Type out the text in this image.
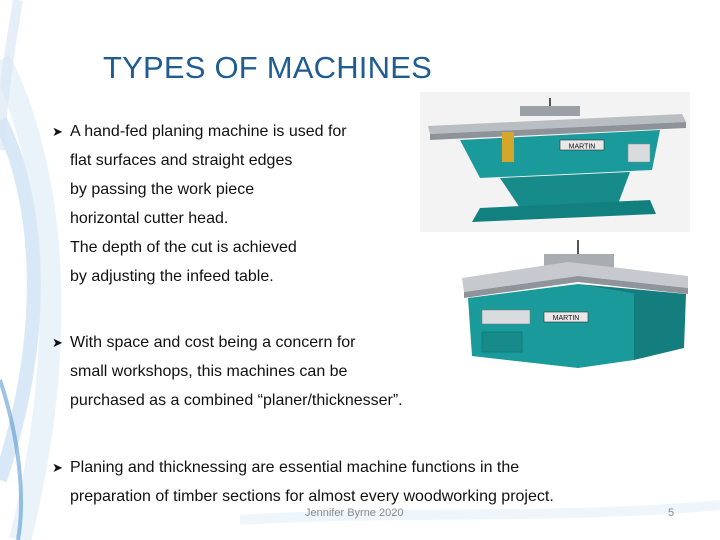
TYPES OF MACHINES
➤ A hand-fed planing machine is used for
flat surfaces and straight edges
by passing the work piece
horizontal cutter head.
The depth of the cut is achieved
by adjusting the infeed table.
➤ With space and cost being a concern for
small workshops, this machines can be
purchased as a combined “planer/thicknesser”.
➤ Planing and thicknessing are essential machine functions in the
preparation of timber sections for almost every woodworking project.
MARTIN
MARTIN
Jennifer Byrne 2020	5
